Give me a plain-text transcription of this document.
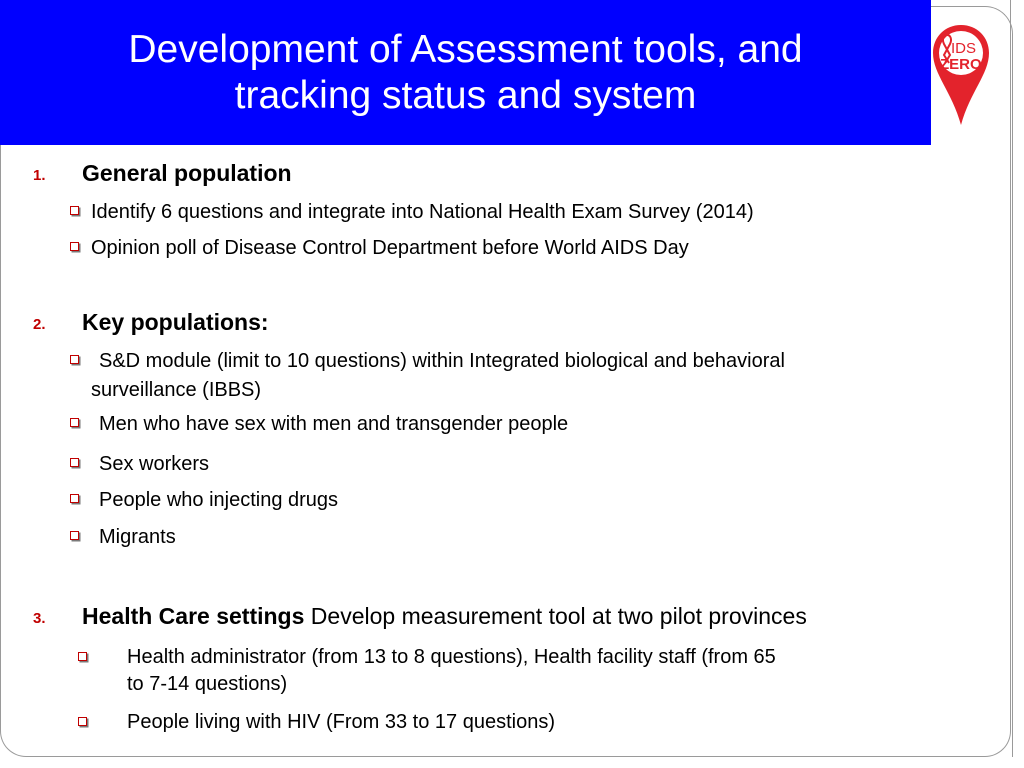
Development of Assessment tools, and tracking status and system
IDS
ZERO
1. General population
Identify 6 questions and integrate into National Health Exam Survey (2014)
Opinion poll of Disease Control Department before World AIDS Day
2. Key populations:
S&D module (limit to 10 questions) within Integrated biological and behavioral
surveillance (IBBS)
Men who have sex with men and transgender people
Sex workers
People who injecting drugs
Migrants
3. Health Care settings Develop measurement tool at two pilot provinces
Health administrator (from 13 to 8 questions), Health facility staff (from 65
to 7-14 questions)
People living with HIV (From 33 to 17 questions)
